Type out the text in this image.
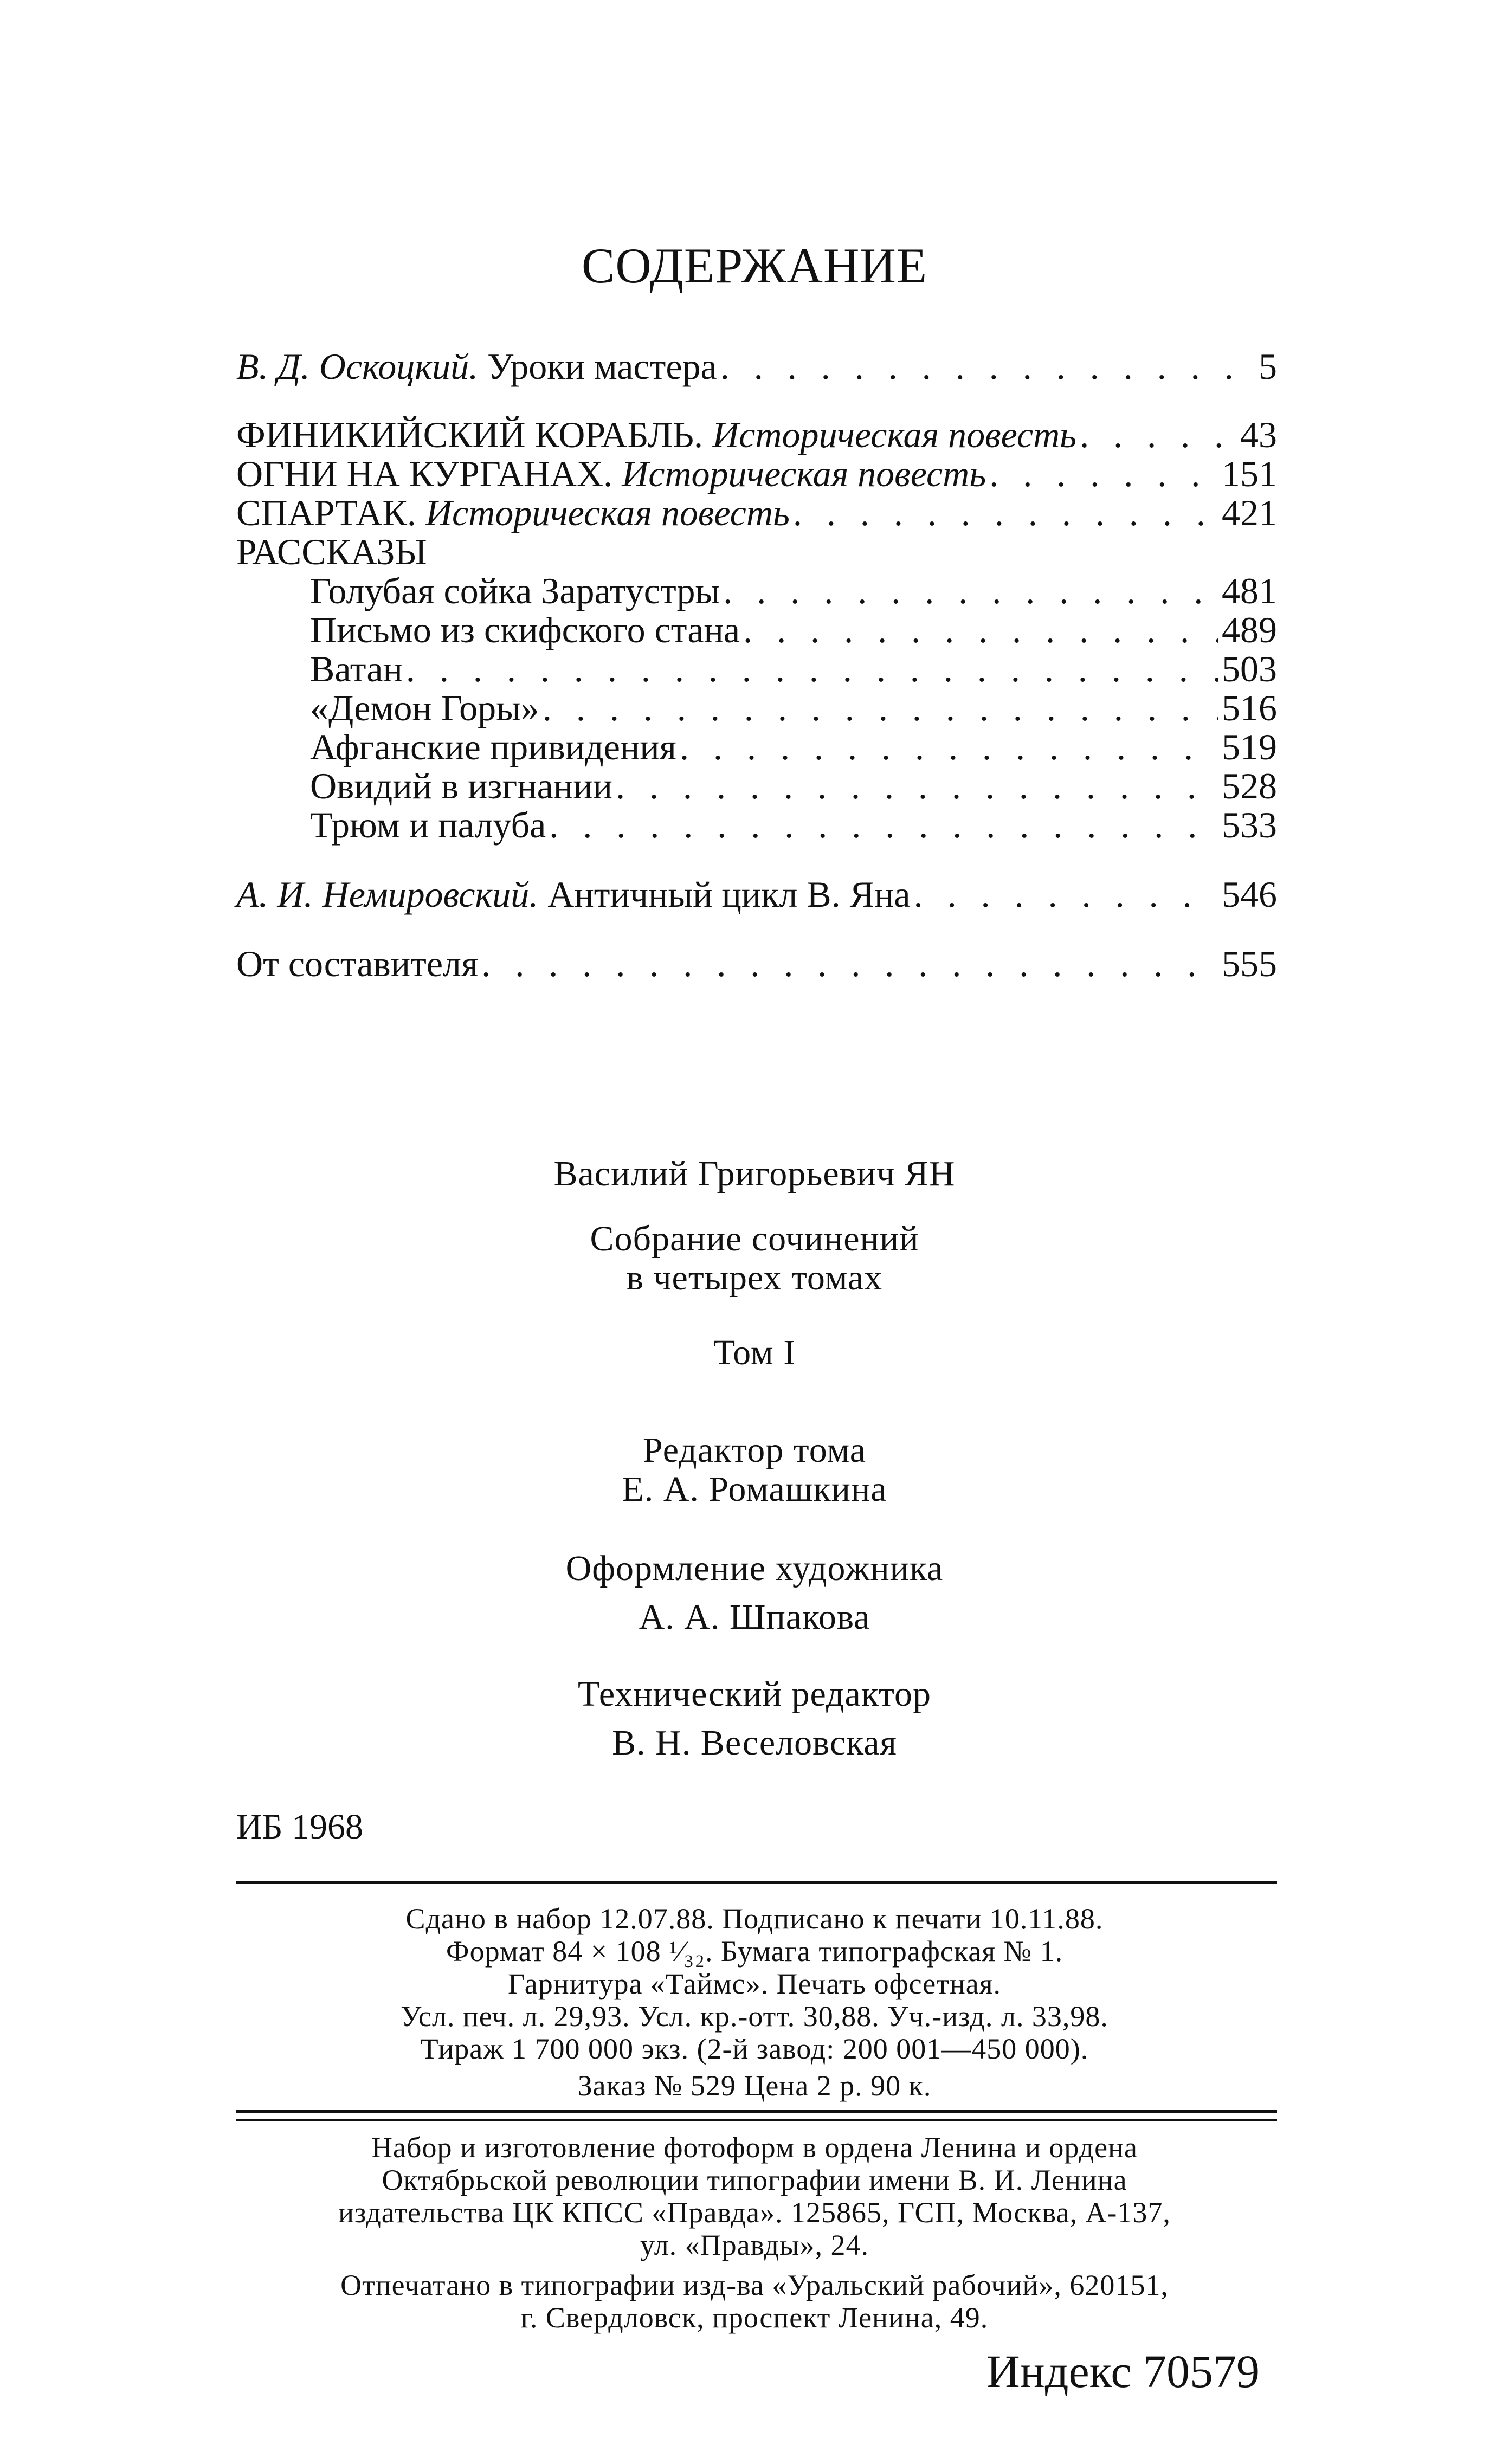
СОДЕРЖАНИЕ
В. Д. Оскоцкий. Уроки мастера . . .	5
ФИНИКИЙСКИЙ КОРАБЛЬ. Историческая повесть . . .	43
ОГНИ НА КУРГАНАХ. Историческая повесть . . .	151
СПАРТАК. Историческая повесть . . .	421
РАССКАЗЫ
Голубая сойка Заратустры . . .	481
Письмо из скифского стана . . .	489
Ватан . . .	503
«Демон Горы» . . .	516
Афганские привидения . . .	519
Овидий в изгнании . . .	528
Трюм и палуба . . .	533
А. И. Немировский. Античный цикл В. Яна . . .	546
От составителя . . .	555
Василий Григорьевич ЯН
Собрание сочинений
в четырех томах
Том I
Редактор тома
Е. А. Ромашкина
Оформление художника
А. А. Шпакова
Технический редактор
В. Н. Веселовская
ИБ 1968
Сдано в набор 12.07.88. Подписано к печати 10.11.88.
Формат 84 × 108 ¹⁄₃₂. Бумага типографская № 1.
Гарнитура «Таймс». Печать офсетная.
Усл. печ. л. 29,93. Усл. кр.-отт. 30,88. Уч.-изд. л. 33,98.
Тираж 1 700 000 экз. (2-й завод: 200 001—450 000).
Заказ № 529 Цена 2 р. 90 к.
Набор и изготовление фотоформ в ордена Ленина и ордена
Октябрьской революции типографии имени В. И. Ленина
издательства ЦК КПСС «Правда». 125865, ГСП, Москва, А-137,
ул. «Правды», 24.
Отпечатано в типографии изд-ва «Уральский рабочий», 620151,
г. Свердловск, проспект Ленина, 49.
Индекс 70579
